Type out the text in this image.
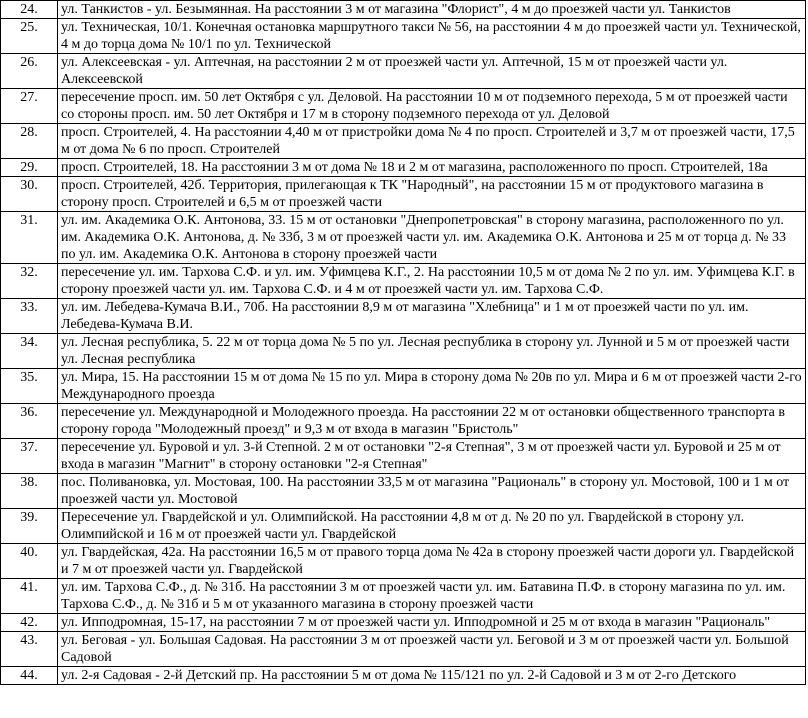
24.	ул. Танкистов - ул. Безымянная. На расстоянии 3 м от магазина "Флорист", 4 м до проезжей части ул. Танкистов
25.	ул. Техническая, 10/1. Конечная остановка маршрутного такси № 56, на расстоянии 4 м до проезжей части ул. Технической, 4 м до торца дома № 10/1 по ул. Технической
26.	ул. Алексеевская - ул. Аптечная, на расстоянии 2 м от проезжей части ул. Аптечной, 15 м от проезжей части ул. Алексеевской
27.	пересечение просп. им. 50 лет Октября с ул. Деловой. На расстоянии 10 м от подземного перехода, 5 м от проезжей части со стороны просп. им. 50 лет Октября и 17 м в сторону подземного перехода от ул. Деловой
28.	просп. Строителей, 4. На расстоянии 4,40 м от пристройки дома № 4 по просп. Строителей и 3,7 м от проезжей части, 17,5 м от дома № 6 по просп. Строителей
29.	просп. Строителей, 18. На расстоянии 3 м от дома № 18 и 2 м от магазина, расположенного по просп. Строителей, 18а
30.	просп. Строителей, 42б. Территория, прилегающая к ТК "Народный", на расстоянии 15 м от продуктового магазина в сторону просп. Строителей и 6,5 м от проезжей части
31.	ул. им. Академика О.К. Антонова, 33. 15 м от остановки "Днепропетровская" в сторону магазина, расположенного по ул. им. Академика О.К. Антонова, д. № 33б, 3 м от проезжей части ул. им. Академика О.К. Антонова и 25 м от торца д. № 33 по ул. им. Академика О.К. Антонова в сторону проезжей части
32.	пересечение ул. им. Тархова С.Ф. и ул. им. Уфимцева К.Г., 2. На расстоянии 10,5 м от дома № 2 по ул. им. Уфимцева К.Г. в сторону проезжей части ул. им. Тархова С.Ф. и 4 м от проезжей части ул. им. Тархова С.Ф.
33.	ул. им. Лебедева-Кумача В.И., 70б. На расстоянии 8,9 м от магазина "Хлебница" и 1 м от проезжей части по ул. им. Лебедева-Кумача В.И.
34.	ул. Лесная республика, 5. 22 м от торца дома № 5 по ул. Лесная республика в сторону ул. Лунной и 5 м от проезжей части ул. Лесная республика
35.	ул. Мира, 15. На расстоянии 15 м от дома № 15 по ул. Мира в сторону дома № 20в по ул. Мира и 6 м от проезжей части 2-го Международного проезда
36.	пересечение ул. Международной и Молодежного проезда. На расстоянии 22 м от остановки общественного транспорта в сторону города "Молодежный проезд" и 9,3 м от входа в магазин "Бристоль"
37.	пересечение ул. Буровой и ул. 3-й Степной. 2 м от остановки "2-я Степная", 3 м от проезжей части ул. Буровой и 25 м от входа в магазин "Магнит" в сторону остановки "2-я Степная"
38.	пос. Поливановка, ул. Мостовая, 100. На расстоянии 33,5 м от магазина "Рациональ" в сторону ул. Мостовой, 100 и 1 м от проезжей части ул. Мостовой
39.	Пересечение ул. Гвардейской и ул. Олимпийской. На расстоянии 4,8 м от д. № 20 по ул. Гвардейской в сторону ул. Олимпийской и 16 м от проезжей части ул. Гвардейской
40.	ул. Гвардейская, 42а. На расстоянии 16,5 м от правого торца дома № 42а в сторону проезжей части дороги ул. Гвардейской и 7 м от проезжей части ул. Гвардейской
41.	ул. им. Тархова С.Ф., д. № 31б. На расстоянии 3 м от проезжей части ул. им. Батавина П.Ф. в сторону магазина по ул. им. Тархова С.Ф., д. № 31б и 5 м от указанного магазина в сторону проезжей части
42.	ул. Ипподромная, 15-17, на расстоянии 7 м от проезжей части ул. Ипподромной и 25 м от входа в магазин "Рациональ"
43.	ул. Беговая - ул. Большая Садовая. На расстоянии 3 м от проезжей части ул. Беговой и 3 м от проезжей части ул. Большой Садовой
44.	ул. 2-я Садовая - 2-й Детский пр. На расстоянии 5 м от дома № 115/121 по ул. 2-й Садовой и 3 м от 2-го Детского
